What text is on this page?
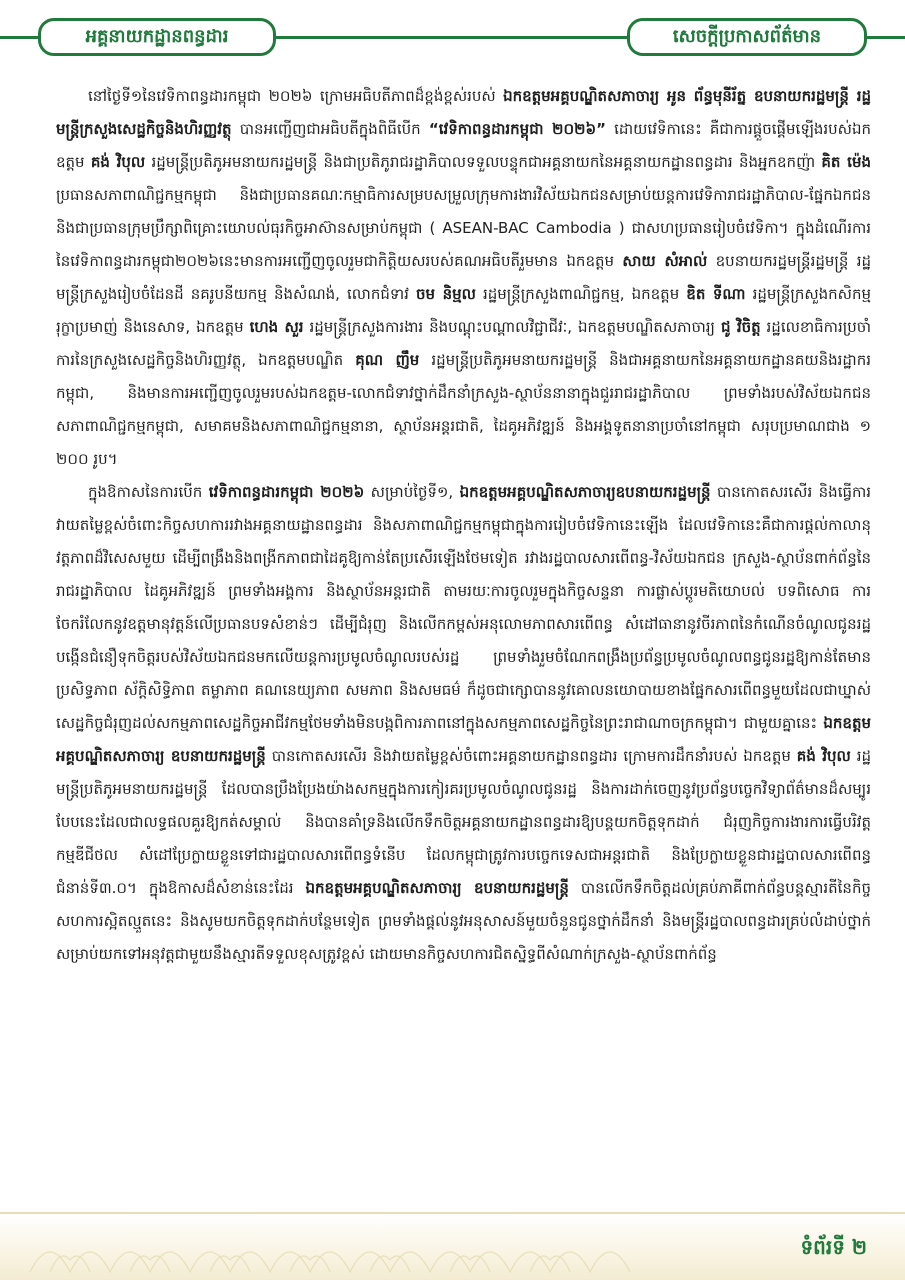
អគ្គនាយកដ្ឋានពន្ធដារ	សេចក្ដីប្រកាសព័ត៌មាន

នៅថ្ងៃទី១នៃវេទិកាពន្ធដារកម្ពុជា ២០២៦ ក្រោមអធិបតីភាពដ៏ខ្ពង់ខ្ពស់របស់ ឯកឧត្តមអគ្គបណ្ឌិតសភាចារ្យ អូន ព័ន្ធមុនីរ័ត្ន ឧបនាយករដ្ឋមន្ត្រី រដ្ឋមន្ត្រីក្រសួងសេដ្ឋកិច្ចនិងហិរញ្ញវត្ថុ បានអញ្ជើញជាអធិបតីក្នុងពិធីបើក “វេទិកាពន្ធដារកម្ពុជា ២០២៦” ដោយវេទិកានេះ គឺជាការផ្ដួចផ្ដើមឡើងរបស់ឯកឧត្តម គង់ វិបុល រដ្ឋមន្ត្រីប្រតិភូអមនាយករដ្ឋមន្ត្រី និងជាប្រតិភូរាជរដ្ឋាភិបាលទទួលបន្ទុកជាអគ្គនាយកនៃអគ្គនាយកដ្ឋានពន្ធដារ និងអ្នកឧកញ៉ា គិត ម៉េង ប្រធានសភាពាណិជ្ជកម្មកម្ពុជា និងជាប្រធានគណៈកម្មាធិការសម្របសម្រួលក្រុមការងារវិស័យឯកជនសម្រាប់យន្តការវេទិការាជរដ្ឋាភិបាល-ផ្នែកឯកជន និងជាប្រធានក្រុមប្រឹក្សាពិគ្រោះយោបល់ធុរកិច្ចអាស៊ានសម្រាប់កម្ពុជា ( ASEAN-BAC Cambodia ) ជាសហប្រធានរៀបចំវេទិកា។ ក្នុងដំណើរការនៃវេទិកាពន្ធដារកម្ពុជា២០២៦នេះមានការអញ្ជើញចូលរួមជាកិត្តិយសរបស់គណអធិបតីរួមមាន ឯកឧត្តម សាយ សំអាល់ ឧបនាយករដ្ឋមន្ត្រីរដ្ឋមន្ត្រី រដ្ឋមន្ត្រីក្រសួងរៀបចំដែនដី នគរូបនីយកម្ម និងសំណង់, លោកជំទាវ ចម និម្មល រដ្ឋមន្ត្រីក្រសួងពាណិជ្ជកម្ម, ឯកឧត្តម ឌិត ទីណា រដ្ឋមន្ត្រីក្រសួងកសិកម្ម រុក្ខាប្រមាញ់ និងនេសាទ, ឯកឧត្តម ហេង សួរ រដ្ឋមន្ត្រីក្រសួងការងារ និងបណ្ដុះបណ្ដាលវិជ្ជាជីវៈ, ឯកឧត្តមបណ្ឌិតសភាចារ្យ ជូ វិចិត្ត រដ្ឋលេខាធិការប្រចាំការនៃក្រសួងសេដ្ឋកិច្ចនិងហិរញ្ញវត្ថុ, ឯកឧត្តមបណ្ឌិត គុណ ញឹម រដ្ឋមន្ត្រីប្រតិភូអមនាយករដ្ឋមន្ត្រី និងជាអគ្គនាយកនៃអគ្គនាយកដ្ឋានគយនិងរដ្ឋាករកម្ពុជា, និងមានការអញ្ជើញចូលរួមរបស់ឯកឧត្តម-លោកជំទាវថ្នាក់ដឹកនាំក្រសួង-ស្ថាប័ននានាក្នុងជួររាជរដ្ឋាភិបាល ព្រមទាំងរបស់វិស័យឯកជន សភាពាណិជ្ជកម្មកម្ពុជា, សមាគមនិងសភាពាណិជ្ជកម្មនានា, ស្ថាប័នអន្តរជាតិ, ដៃគូអភិវឌ្ឍន៍ និងអង្គទូតនានាប្រចាំនៅកម្ពុជា សរុបប្រមាណជាង ១ ២០០ រូប។

ក្នុងឱកាសនៃការបើក វេទិកាពន្ធដារកម្ពុជា ២០២៦ សម្រាប់ថ្ងៃទី១, ឯកឧត្តមអគ្គបណ្ឌិតសភាចារ្យឧបនាយករដ្ឋមន្ត្រី បានកោតសរសើរ និងធ្វើការវាយតម្លៃខ្ពស់ចំពោះកិច្ចសហការរវាងអគ្គនាយដ្ឋានពន្ធដារ និងសភាពាណិជ្ជកម្មកម្ពុជាក្នុងការរៀបចំវេទិកានេះឡើង ដែលវេទិកានេះគឺជាការផ្ដល់កាលានុវត្តភាពដ៏វិសេសមួយ ដើម្បីពង្រឹងនិងពង្រីកភាពជាដៃគូឱ្យកាន់តែប្រសើរឡើងថែមទៀត រវាងរដ្ឋបាលសារពើពន្ធ-វិស័យឯកជន ក្រសួង-ស្ថាប័នពាក់ព័ន្ធនៃរាជរដ្ឋាភិបាល ដៃគូអភិវឌ្ឍន៍ ព្រមទាំងអង្គការ និងស្ថាប័នអន្តរជាតិ តាមរយៈការចូលរួមក្នុងកិច្ចសន្ទនា ការផ្លាស់ប្ដូរមតិយោបល់ បទពិសោធ ការចែករំលែកនូវឧត្តមានុវត្តន៍លើប្រធានបទសំខាន់ៗ ដើម្បីជំរុញ និងលើកកម្ពស់អនុលោមភាពសារពើពន្ធ សំដៅធានានូវចីរភាពនៃកំណើនចំណូលជូនរដ្ឋ បង្កើនជំនឿទុកចិត្តរបស់វិស័យឯកជនមកលើយន្តការប្រមូលចំណូលរបស់រដ្ឋ ព្រមទាំងរួមចំណែកពង្រឹងប្រព័ន្ធប្រមូលចំណូលពន្ធជូនរដ្ឋឱ្យកាន់តែមានប្រសិទ្ធភាព ស័ក្ដិសិទ្ធិភាព តម្លាភាព គណនេយ្យភាព សមភាព និងសមធម៌ ក៏ដូចជាក្សោបាននូវគោលនយោបាយខាងផ្នែកសារពើពន្ធមួយដែលជាឃ្នាស់សេដ្ឋកិច្ចជំរុញដល់សកម្មភាពសេដ្ឋកិច្ចអាជីវកម្មថែមទាំងមិនបង្កពិការភាពនៅក្នុងសកម្មភាពសេដ្ឋកិច្ចនៃព្រះរាជាណាចក្រកម្ពុជា។ ជាមួយគ្នានេះ ឯកឧត្តមអគ្គបណ្ឌិតសភាចារ្យ ឧបនាយករដ្ឋមន្ត្រី បានកោតសរសើរ និងវាយតម្លៃខ្ពស់ចំពោះអគ្គនាយកដ្ឋានពន្ធដារ ក្រោមការដឹកនាំរបស់ ឯកឧត្តម គង់ វិបុល រដ្ឋមន្ត្រីប្រតិភូអមនាយករដ្ឋមន្ត្រី ដែលបានប្រឹងប្រែងយ៉ាងសកម្មក្នុងការកៀរគរប្រមូលចំណូលជូនរដ្ឋ និងការដាក់ចេញនូវប្រព័ន្ធបច្ចេកវិទ្យាព័ត៌មានដ៏សម្បូរបែបនេះដែលជាលទ្ធផលគួរឱ្យកត់សម្គាល់ និងបានគាំទ្រនិងលើកទឹកចិត្តអគ្គនាយកដ្ឋានពន្ធដារឱ្យបន្តយកចិត្តទុកដាក់ ជំរុញកិច្ចការងារការធ្វើបរិវត្តកម្មឌីជីថល សំដៅប្រែក្លាយខ្លួនទៅជារដ្ឋបាលសារពើពន្ធទំនើប ដែលកម្ពុជាត្រូវការបច្ចេកទេសជាអន្តរជាតិ និងប្រែក្លាយខ្លួនជារដ្ឋបាលសារពើពន្ធជំនាន់ទី៣.០។ ក្នុងឱកាសដ៏សំខាន់នេះដែរ ឯកឧត្តមអគ្គបណ្ឌិតសភាចារ្យ ឧបនាយករដ្ឋមន្ត្រី បានលើកទឹកចិត្តដល់គ្រប់ភាគីពាក់ព័ន្ធបន្តស្មារតីនៃកិច្ចសហការស្អិតល្មួតនេះ និងសូមយកចិត្តទុកដាក់បន្ថែមទៀត ព្រមទាំងផ្ដល់នូវអនុសាសន៍មួយចំនួនជូនថ្នាក់ដឹកនាំ និងមន្ត្រីរដ្ឋបាលពន្ធដារគ្រប់លំដាប់ថ្នាក់សម្រាប់យកទៅអនុវត្តជាមួយនឹងស្មារតីទទួលខុសត្រូវខ្ពស់ ដោយមានកិច្ចសហការជិតស្និទ្ធពីសំណាក់ក្រសួង-ស្ថាប័នពាក់ព័ន្ធ

ទំព័រទី ២
